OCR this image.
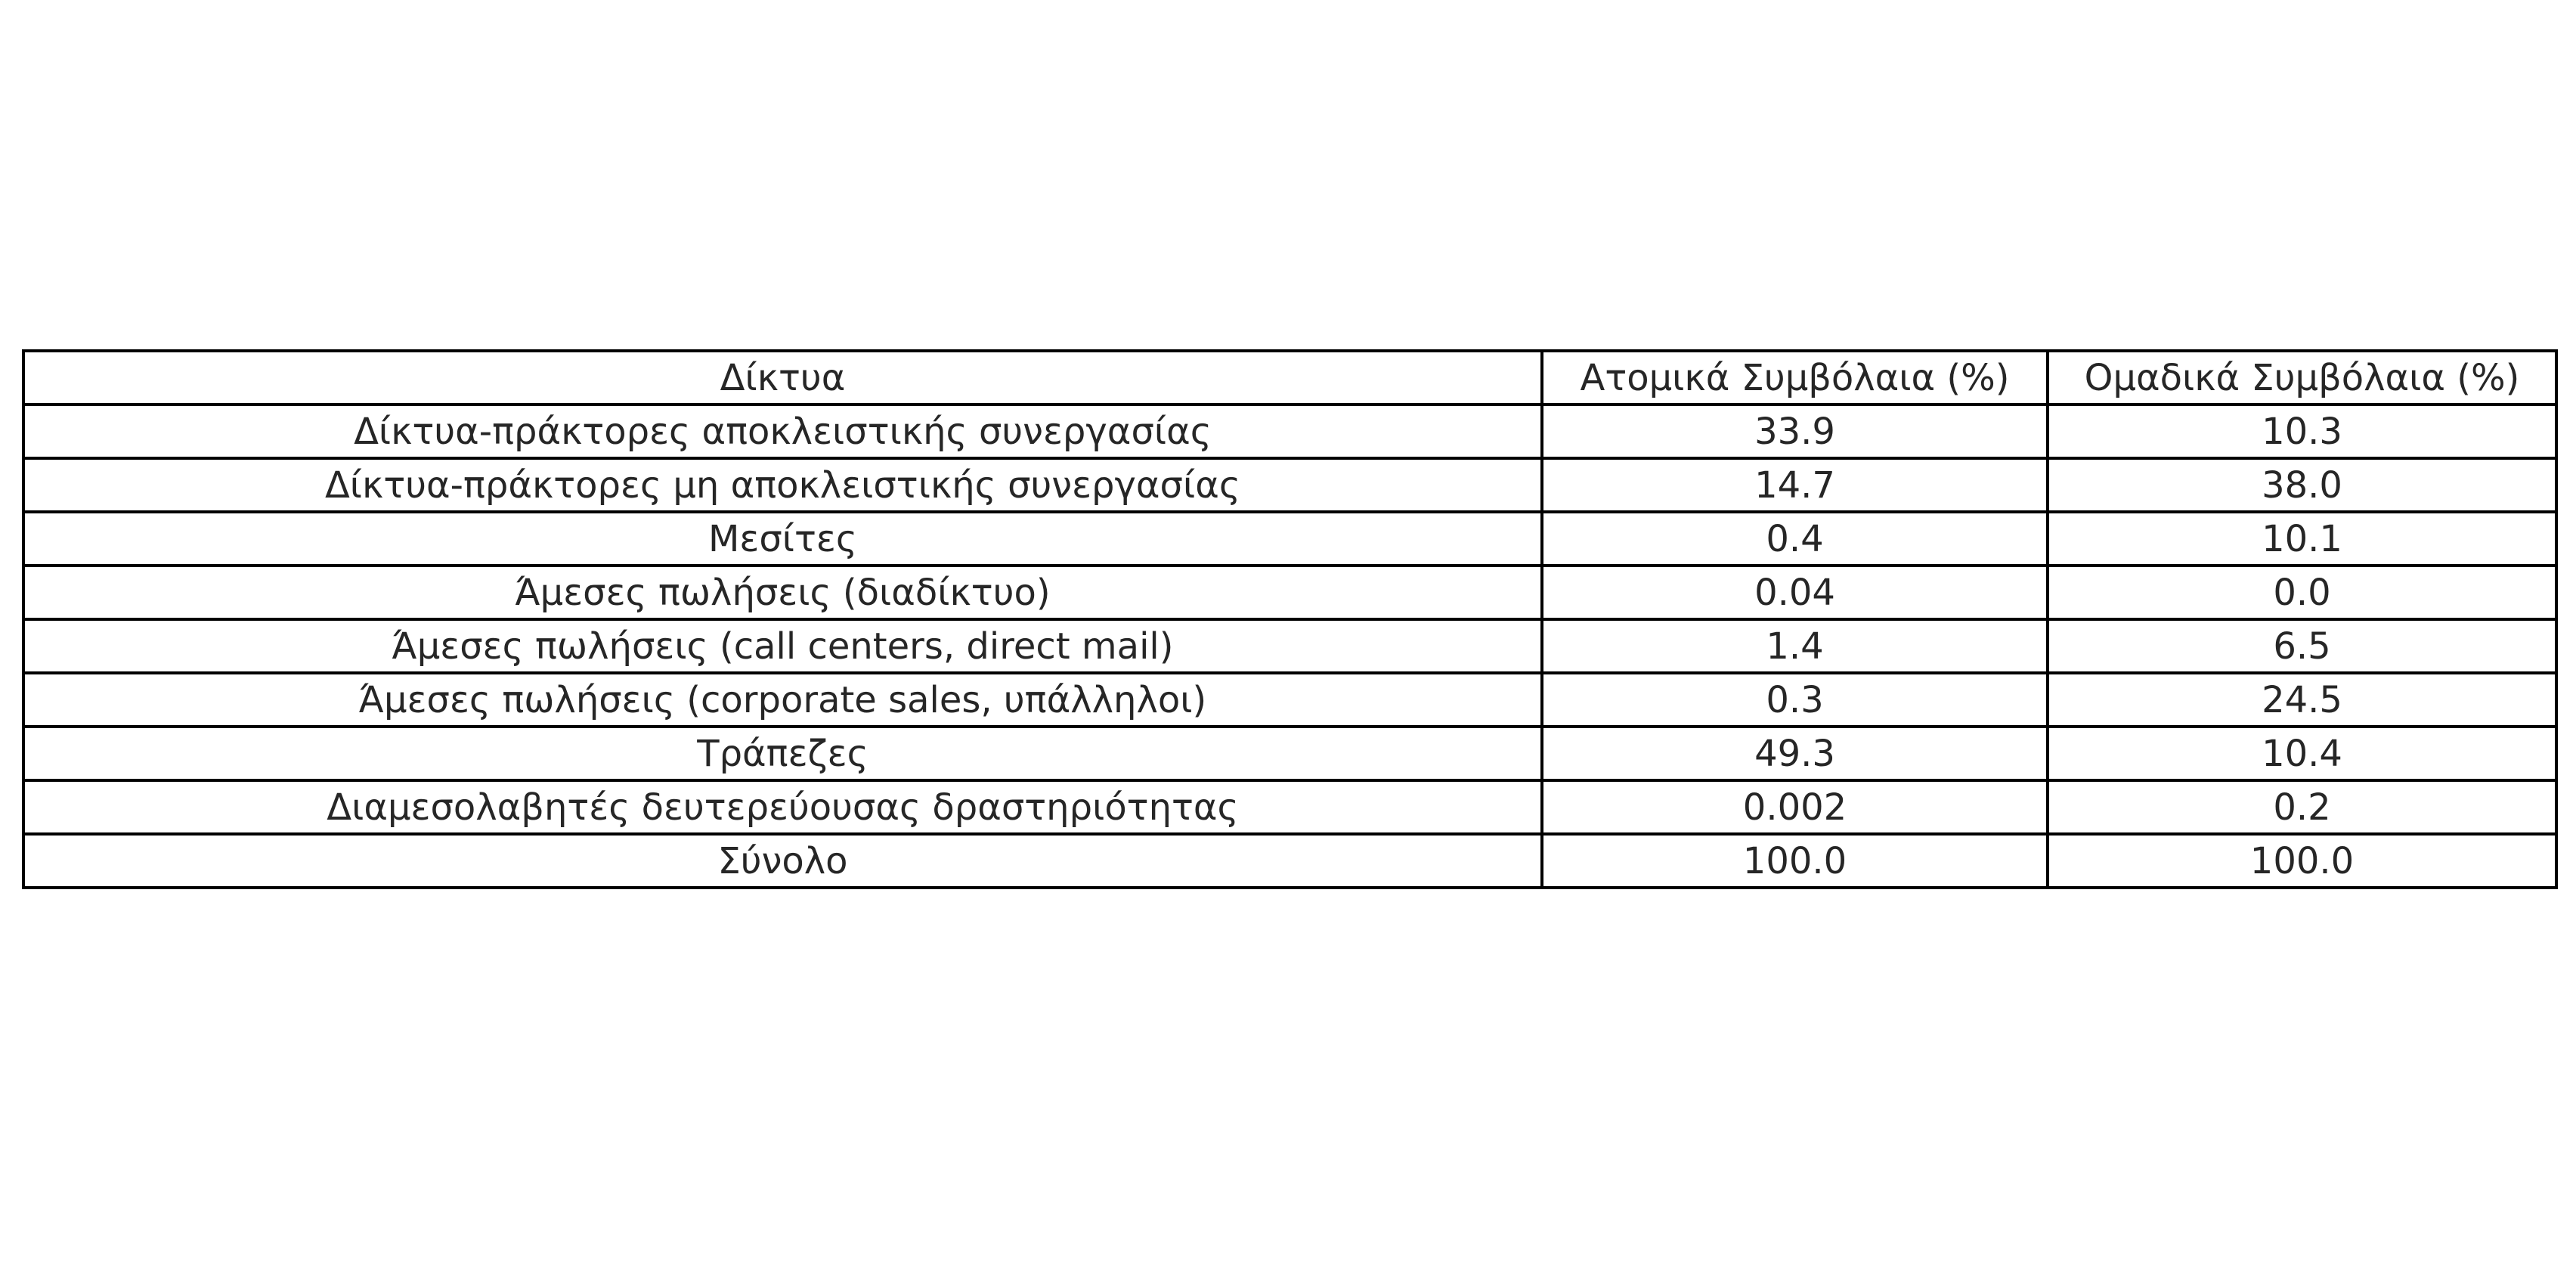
Δίκτυα	Ατομικά Συμβόλαια (%)	Ομαδικά Συμβόλαια (%)
Δίκτυα-πράκτορες αποκλειστικής συνεργασίας	33.9	10.3
Δίκτυα-πράκτορες μη αποκλειστικής συνεργασίας	14.7	38.0
Μεσίτες	0.4	10.1
Άμεσες πωλήσεις (διαδίκτυο)	0.04	0.0
Άμεσες πωλήσεις (call centers, direct mail)	1.4	6.5
Άμεσες πωλήσεις (corporate sales, υπάλληλοι)	0.3	24.5
Τράπεζες	49.3	10.4
Διαμεσολαβητές δευτερεύουσας δραστηριότητας	0.002	0.2
Σύνολο	100.0	100.0
